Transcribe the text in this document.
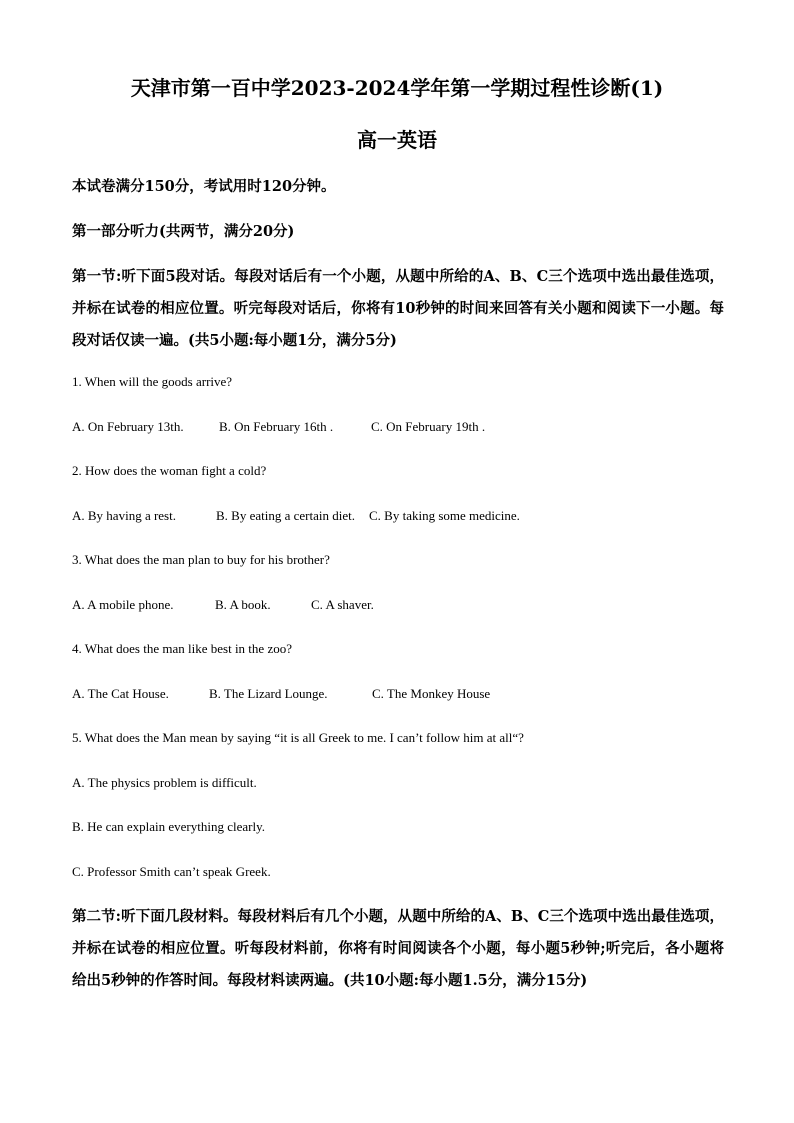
天津市第一百中学2023-2024学年第一学期过程性诊断(1)
高一英语
本试卷满分150分，考试用时120分钟。
第一部分听力(共两节，满分20分)
第一节:听下面5段对话。每段对话后有一个小题，从题中所给的A、B、C三个选项中选出最佳选项，并标在试卷的相应位置。听完每段对话后，你将有10秒钟的时间来回答有关小题和阅读下一小题。每段对话仅读一遍。(共5小题:每小题1分，满分5分)
1. When will the goods arrive?
A. On February 13th.	B. On February 16th .	C. On February 19th .
2. How does the woman fight a cold?
A. By having a rest.	B. By eating a certain diet.	C. By taking some medicine.
3. What does the man plan to buy for his brother?
A. A mobile phone.	B. A book.	C. A shaver.
4. What does the man like best in the zoo?
A. The Cat House.	B. The Lizard Lounge.	C. The Monkey House
5. What does the Man mean by saying “it is all Greek to me. I can’t follow him at all“?
A. The physics problem is difficult.
B. He can explain everything clearly.
C. Professor Smith can’t speak Greek.
第二节:听下面几段材料。每段材料后有几个小题，从题中所给的A、B、C三个选项中选出最佳选项，并标在试卷的相应位置。听每段材料前，你将有时间阅读各个小题，每小题5秒钟;听完后，各小题将给出5秒钟的作答时间。每段材料读两遍。(共10小题:每小题1.5分，满分15分)
